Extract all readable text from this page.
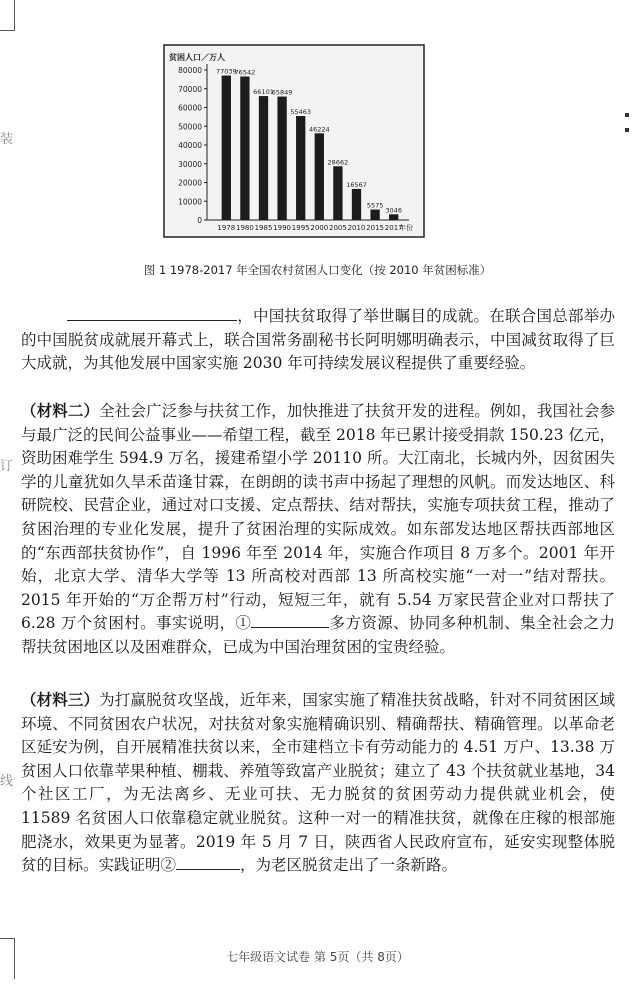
装
订
线
贫困人口／万人
0
10000
20000
30000
40000
50000
60000
70000
80000 77039
1978
76542
1980
66101
1985
65849
1990
55463
1995
46224
2000
28662
2005
16567
2010
5575
2015
3046
2017
年份
图 1 1978-2017 年全国农村贫困人口变化（按 2010 年贫困标准）
，中国扶贫取得了举世瞩目的成就。在联合国总部举办的中国脱贫成就展开幕式上，联合国常务副秘书长阿明娜明确表示，中国减贫取得了巨大成就，为其他发展中国家实施 2030 年可持续发展议程提供了重要经验。
（材料二）全社会广泛参与扶贫工作，加快推进了扶贫开发的进程。例如，我国社会参与最广泛的民间公益事业——希望工程，截至 2018 年已累计接受捐款 150.23 亿元，资助困难学生 594.9 万名，援建希望小学 20110 所。大江南北，长城内外，因贫困失学的儿童犹如久旱禾苗逢甘霖，在朗朗的读书声中扬起了理想的风帆。而发达地区、科研院校、民营企业，通过对口支援、定点帮扶、结对帮扶，实施专项扶贫工程，推动了贫困治理的专业化发展，提升了贫困治理的实际成效。如东部发达地区帮扶西部地区的“东西部扶贫协作”，自 1996 年至 2014 年，实施合作项目 8 万多个。2001 年开始，北京大学、清华大学等 13 所高校对西部 13 所高校实施“一对一”结对帮扶。2015 年开始的“万企帮万村”行动，短短三年，就有 5.54 万家民营企业对口帮扶了 6.28 万个贫困村。事实说明，①	多方资源、协同多种机制、集全社会之力帮扶贫困地区以及困难群众，已成为中国治理贫困的宝贵经验。
（材料三）为打赢脱贫攻坚战，近年来，国家实施了精准扶贫战略，针对不同贫困区域环境、不同贫困农户状况，对扶贫对象实施精确识别、精确帮扶、精确管理。以革命老区延安为例，自开展精准扶贫以来，全市建档立卡有劳动能力的 4.51 万户、13.38 万贫困人口依靠苹果种植、棚栽、养殖等致富产业脱贫；建立了 43 个扶贫就业基地，34 个社区工厂，为无法离乡、无业可扶、无力脱贫的贫困劳动力提供就业机会，使 11589 名贫困人口依靠稳定就业脱贫。这种一对一的精准扶贫，就像在庄稼的根部施肥浇水，效果更为显著。2019 年 5 月 7 日，陕西省人民政府宣布，延安实现整体脱贫的目标。实践证明②	，为老区脱贫走出了一条新路。
七年级语文试卷 第 5页（共 8页）
